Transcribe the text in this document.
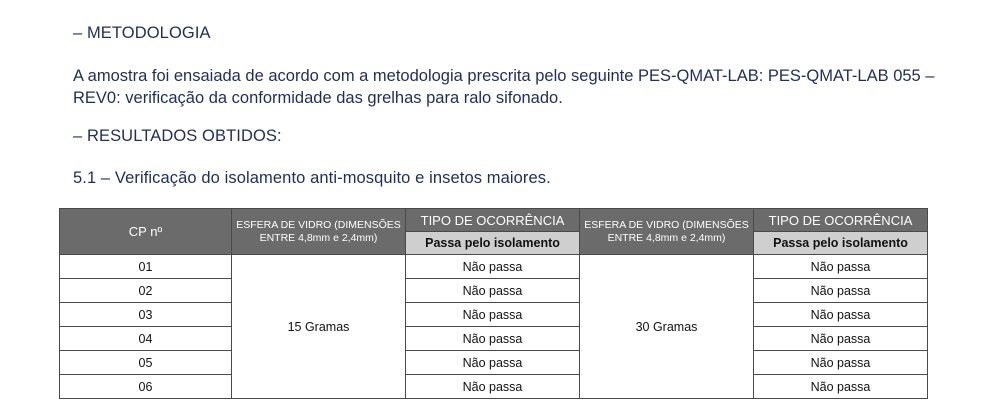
– METODOLOGIA
A amostra foi ensaiada de acordo com a metodologia prescrita pelo seguinte PES-QMAT-LAB: PES-QMAT-LAB 055 –
REV0: verificação da conformidade das grelhas para ralo sifonado.
– RESULTADOS OBTIDOS:
5.1 – Verificação do isolamento anti-mosquito e insetos maiores.
CP nº	ESFERA DE VIDRO (DIMENSÕES ENTRE 4,8mm e 2,4mm)	TIPO DE OCORRÊNCIA	ESFERA DE VIDRO (DIMENSÕES ENTRE 4,8mm e 2,4mm)	TIPO DE OCORRÊNCIA
		Passa pelo isolamento		Passa pelo isolamento
01	15 Gramas	Não passa	30 Gramas	Não passa
02		Não passa		Não passa
03		Não passa		Não passa
04		Não passa		Não passa
05		Não passa		Não passa
06		Não passa		Não passa
